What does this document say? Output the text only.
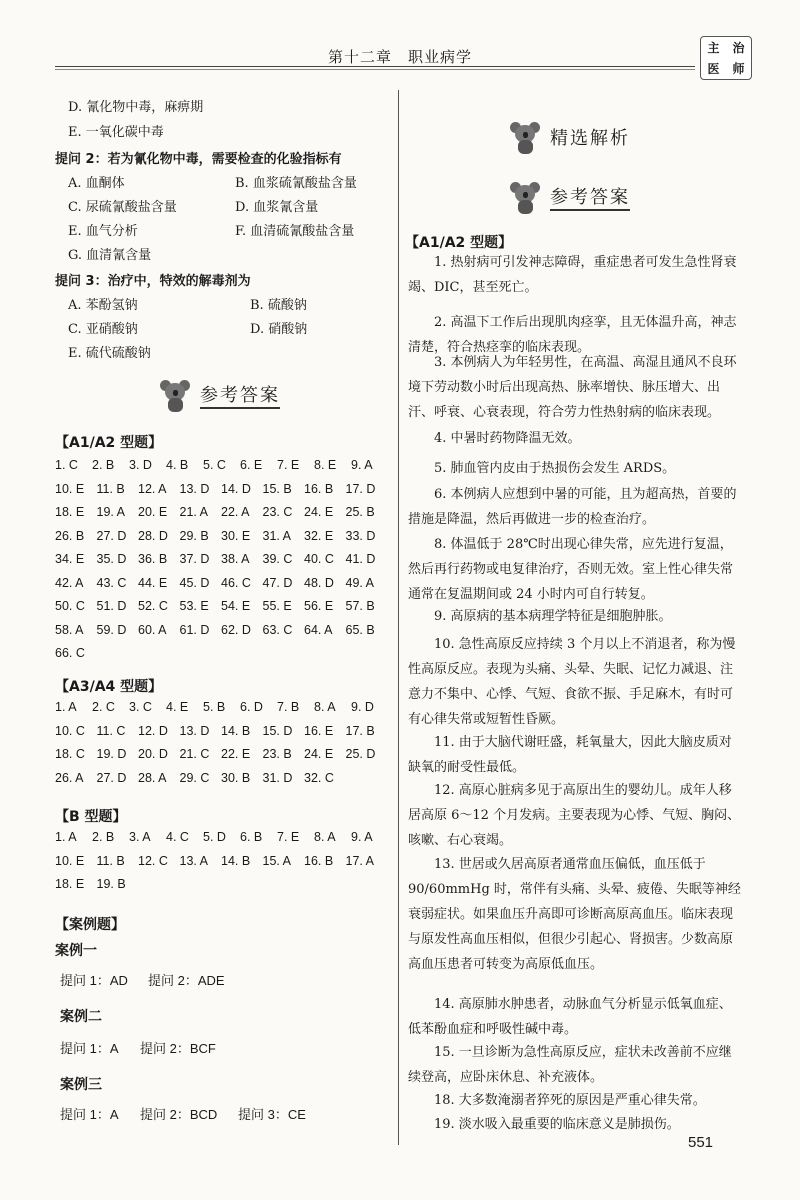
第十二章　职业病学
主	治
医	师
D. 氰化物中毒，麻痹期
E. 一氧化碳中毒
提问 2：若为氰化物中毒，需要检查的化验指标有
A. 血酮体	B. 血浆硫氰酸盐含量
C. 尿硫氰酸盐含量	D. 血浆氰含量
E. 血气分析	F. 血清硫氰酸盐含量
G. 血清氰含量
提问 3：治疗中，特效的解毒剂为
A. 苯酚氢钠	B. 硫酸钠
C. 亚硝酸钠	D. 硝酸钠
E. 硫代硫酸钠
参考答案
【A1/A2 型题】
1. C 2. B 3. D 4. B 5. C 6. E 7. E 8. E 9. A
10. E 11. B 12. A 13. D 14. D 15. B 16. B 17. D
18. E 19. A 20. E 21. A 22. A 23. C 24. E 25. B
26. B 27. D 28. D 29. B 30. E 31. A 32. E 33. D
34. E 35. D 36. B 37. D 38. A 39. C 40. C 41. D
42. A 43. C 44. E 45. D 46. C 47. D 48. D 49. A
50. C 51. D 52. C 53. E 54. E 55. E 56. E 57. B
58. A 59. D 60. A 61. D 62. D 63. C 64. A 65. B
66. C
【A3/A4 型题】
1. A 2. C 3. C 4. E 5. B 6. D 7. B 8. A 9. D
10. C 11. C 12. D 13. D 14. B 15. D 16. E 17. B
18. C 19. D 20. D 21. C 22. E 23. B 24. E 25. D
26. A 27. D 28. A 29. C 30. B 31. D 32. C
【B 型题】
1. A 2. B 3. A 4. C 5. D 6. B 7. E 8. A 9. A
10. E 11. B 12. C 13. A 14. B 15. A 16. B 17. A
18. E 19. B
【案例题】
案例一
提问 1：AD 提问 2：ADE
案例二
提问 1：A 提问 2：BCF
案例三
提问 1：A 提问 2：BCD 提问 3：CE
精选解析
参考答案
【A1/A2 型题】
1. 热射病可引发神志障碍，重症患者可发生急性肾衰竭、DIC，甚至死亡。
2. 高温下工作后出现肌肉痉挛，且无体温升高，神志清楚，符合热痉挛的临床表现。
3. 本例病人为年轻男性，在高温、高湿且通风不良环境下劳动数小时后出现高热、脉率增快、脉压增大、出汗、呼衰、心衰表现，符合劳力性热射病的临床表现。
4. 中暑时药物降温无效。
5. 肺血管内皮由于热损伤会发生 ARDS。
6. 本例病人应想到中暑的可能，且为超高热，首要的措施是降温，然后再做进一步的检查治疗。
8. 体温低于 28℃时出现心律失常，应先进行复温，然后再行药物或电复律治疗，否则无效。室上性心律失常通常在复温期间或 24 小时内可自行转复。
9. 高原病的基本病理学特征是细胞肿胀。
10. 急性高原反应持续 3 个月以上不消退者，称为慢性高原反应。表现为头痛、头晕、失眠、记忆力减退、注意力不集中、心悸、气短、食欲不振、手足麻木，有时可有心律失常或短暂性昏厥。
11. 由于大脑代谢旺盛，耗氧量大，因此大脑皮质对缺氧的耐受性最低。
12. 高原心脏病多见于高原出生的婴幼儿。成年人移居高原 6～12 个月发病。主要表现为心悸、气短、胸闷、咳嗽、右心衰竭。
13. 世居或久居高原者通常血压偏低，血压低于 90/60mmHg 时，常伴有头痛、头晕、疲倦、失眠等神经衰弱症状。如果血压升高即可诊断高原高血压。临床表现与原发性高血压相似，但很少引起心、肾损害。少数高原高血压患者可转变为高原低血压。
14. 高原肺水肿患者，动脉血气分析显示低氧血症、低苯酚血症和呼吸性碱中毒。
15. 一旦诊断为急性高原反应，症状未改善前不应继续登高，应卧床休息、补充液体。
18. 大多数淹溺者猝死的原因是严重心律失常。
19. 淡水吸入最重要的临床意义是肺损伤。
551
